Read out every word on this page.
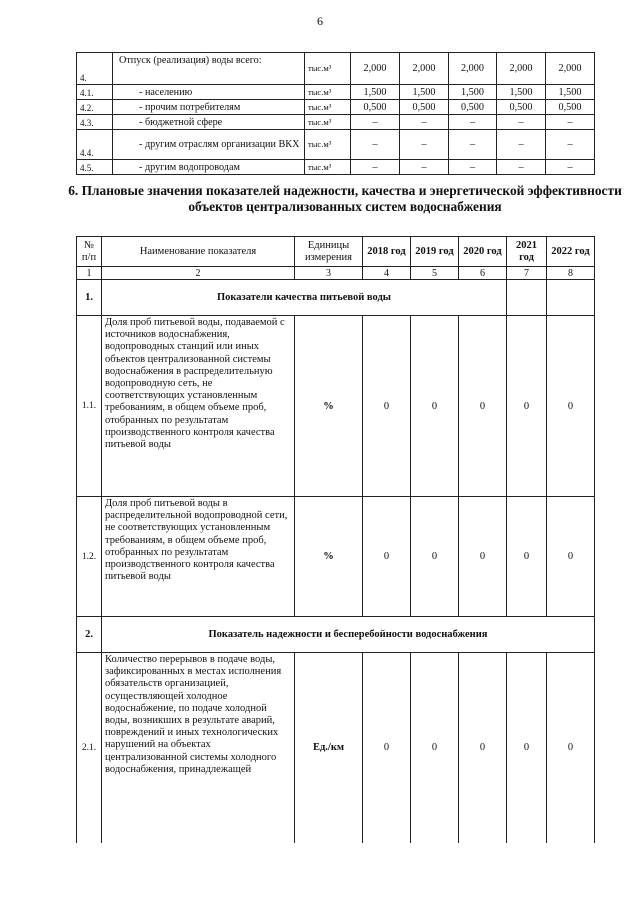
6
4.	Отпуск (реализация) воды всего:	тыс.м³	2,000	2,000	2,000	2,000	2,000
4.1.	- населению	тыс.м³	1,500	1,500	1,500	1,500	1,500
4.2.	- прочим потребителям	тыс.м³	0,500	0,500	0,500	0,500	0,500
4.3.	- бюджетной сфере	тыс.м³	–	–	–	–	–
4.4.	- другим отраслям организации ВКХ	тыс.м³	–	–	–	–	–
4.5.	- другим водопроводам	тыс.м³	–	–	–	–	–
6. Плановые значения показателей надежности, качества и энергетической эффективности объектов централизованных систем водоснабжения
№ п/п	Наименование показателя	Единицы измерения	2018 год	2019 год	2020 год	2021 год	2022 год
1	2	3	4	5	6	7	8
1.	Показатели качества питьевой воды						
1.1.	Доля проб питьевой воды, подаваемой с источников водоснабжения, водопроводных станций или иных объектов централизованной системы водоснабжения в распределительную водопроводную сеть, не соответствующих установленным требованиям, в общем объеме проб, отобранных по результатам производственного контроля качества питьевой воды	%	0	0	0	0	0
1.2.	Доля проб питьевой воды в распределительной водопроводной сети, не соответствующих установленным требованиям, в общем объеме проб, отобранных по результатам производственного контроля качества питьевой воды	%	0	0	0	0	0
2.	Показатель надежности и бесперебойности водоснабжения						
2.1.	Количество перерывов в подаче воды, зафиксированных в местах исполнения обязательств организацией, осуществляющей холодное водоснабжение, по подаче холодной воды, возникших в результате аварий, повреждений и иных технологических нарушений на объектах централизованной системы холодного водоснабжения, принадлежащей	Ед./км	0	0	0	0	0
